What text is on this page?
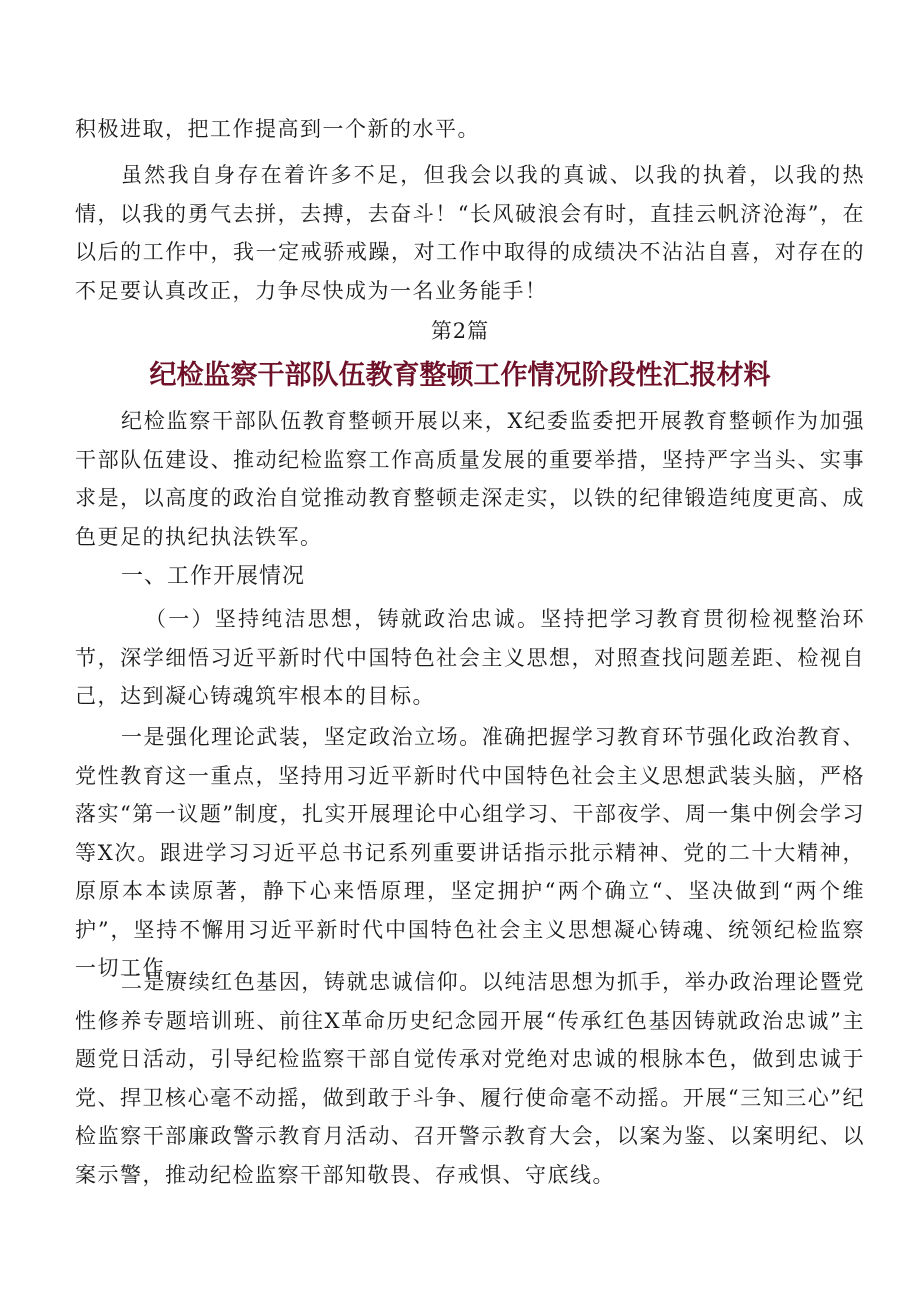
积极进取，把工作提高到一个新的水平。

虽然我自身存在着许多不足，但我会以我的真诚、以我的执着，以我的热情，以我的勇气去拼，去搏，去奋斗！“长风破浪会有时，直挂云帆济沧海”，在以后的工作中，我一定戒骄戒躁，对工作中取得的成绩决不沾沾自喜，对存在的不足要认真改正，力争尽快成为一名业务能手！

第2篇
纪检监察干部队伍教育整顿工作情况阶段性汇报材料

纪检监察干部队伍教育整顿开展以来，X纪委监委把开展教育整顿作为加强干部队伍建设、推动纪检监察工作高质量发展的重要举措，坚持严字当头、实事求是，以高度的政治自觉推动教育整顿走深走实，以铁的纪律锻造纯度更高、成色更足的执纪执法铁军。

一、工作开展情况

（一）坚持纯洁思想，铸就政治忠诚。坚持把学习教育贯彻检视整治环节，深学细悟习近平新时代中国特色社会主义思想，对照查找问题差距、检视自己，达到凝心铸魂筑牢根本的目标。

一是强化理论武装，坚定政治立场。准确把握学习教育环节强化政治教育、党性教育这一重点，坚持用习近平新时代中国特色社会主义思想武装头脑，严格落实“第一议题”制度，扎实开展理论中心组学习、干部夜学、周一集中例会学习等X次。跟进学习习近平总书记系列重要讲话指示批示精神、党的二十大精神，原原本本读原著，静下心来悟原理，坚定拥护“两个确立“、坚决做到“两个维护”，坚持不懈用习近平新时代中国特色社会主义思想凝心铸魂、统领纪检监察一切工作。

二是赓续红色基因，铸就忠诚信仰。以纯洁思想为抓手，举办政治理论暨党性修养专题培训班、前往X革命历史纪念园开展“传承红色基因铸就政治忠诚”主题党日活动，引导纪检监察干部自觉传承对党绝对忠诚的根脉本色，做到忠诚于党、捍卫核心毫不动摇，做到敢于斗争、履行使命毫不动摇。开展“三知三心”纪检监察干部廉政警示教育月活动、召开警示教育大会，以案为鉴、以案明纪、以案示警，推动纪检监察干部知敬畏、存戒惧、守底线。
